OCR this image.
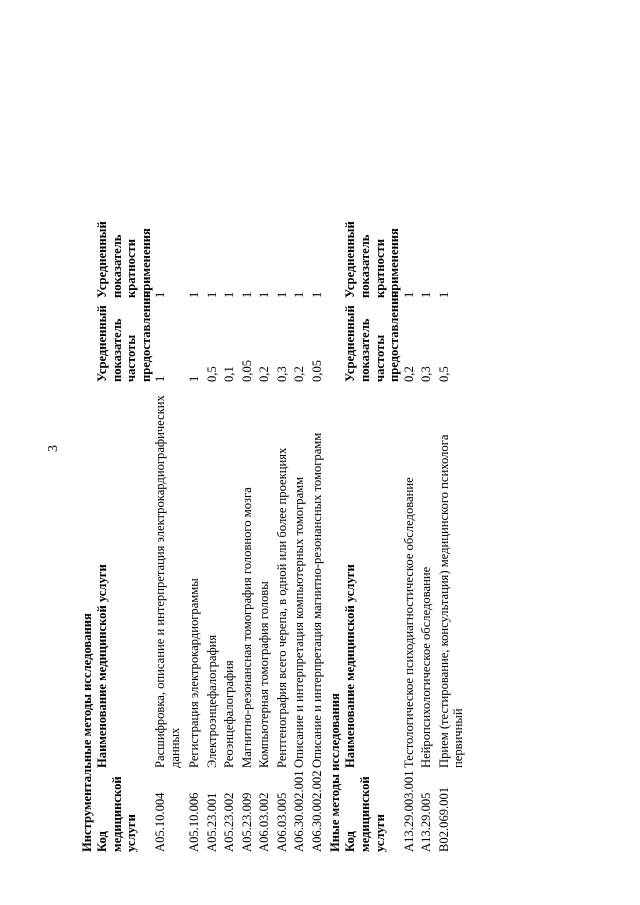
3
Инструментальные методы исследования Код медицинской услуги	Наименование медицинской услуги	Усредненный показатель частоты предоставления	Усредненный показатель кратности применения	
A05.10.004	Расшифровка, описание и интерпретация электрокардиографических данных	1	1	
A05.10.006	Регистрация электрокардиограммы	1	1	
A05.23.001	Электроэнцефалография	0,5	1	
A05.23.002	Реоэнцефалография	0,1	1	
A05.23.009	Магнитно-резонансная томография головного мозга	0,05	1	
A06.03.002	Компьютерная томография головы	0,2	1	
A06.03.005	Рентгенография всего черепа, в одной или более проекциях	0,3	1	
A06.30.002.001	Описание и интерпретация компьютерных томограмм	0,2	1	
A06.30.002.002	Описание и интерпретация магнитно-резонансных томограмм	0,05	1	
Иные методы исследования Код медицинской услуги	Наименование медицинской услуги	Усредненный показатель частоты предоставления	Усредненный показатель кратности применения	
A13.29.003.001	Тестологическое психодиагностическое обследование	0,2	1	
A13.29.005	Нейропсихологическое обследование	0,3	1	
B02.069.001	Прием (тестирование, консультация) медицинского психолога первичный	0,5	1	
